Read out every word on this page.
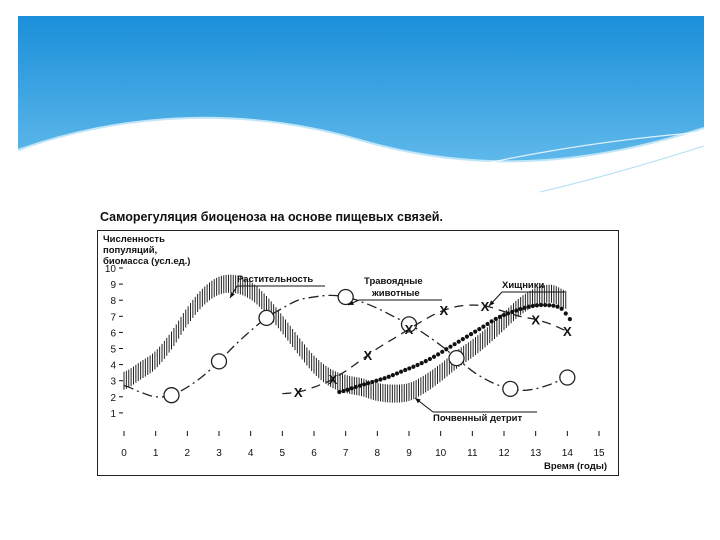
Саморегуляция биоценоза на основе пищевых связей.
Численность
популяций,
биомасса (усл.ед.)
Время (годы)
1
2
3
4
5
6
7
8
9
10
0	1	2	3	4	5	6	7	8	9 10 11 12 13 14 15
X
X
X
X
X X
X
X
Растительность	Травоядные
животные
Хищники
Почвенный детрит
